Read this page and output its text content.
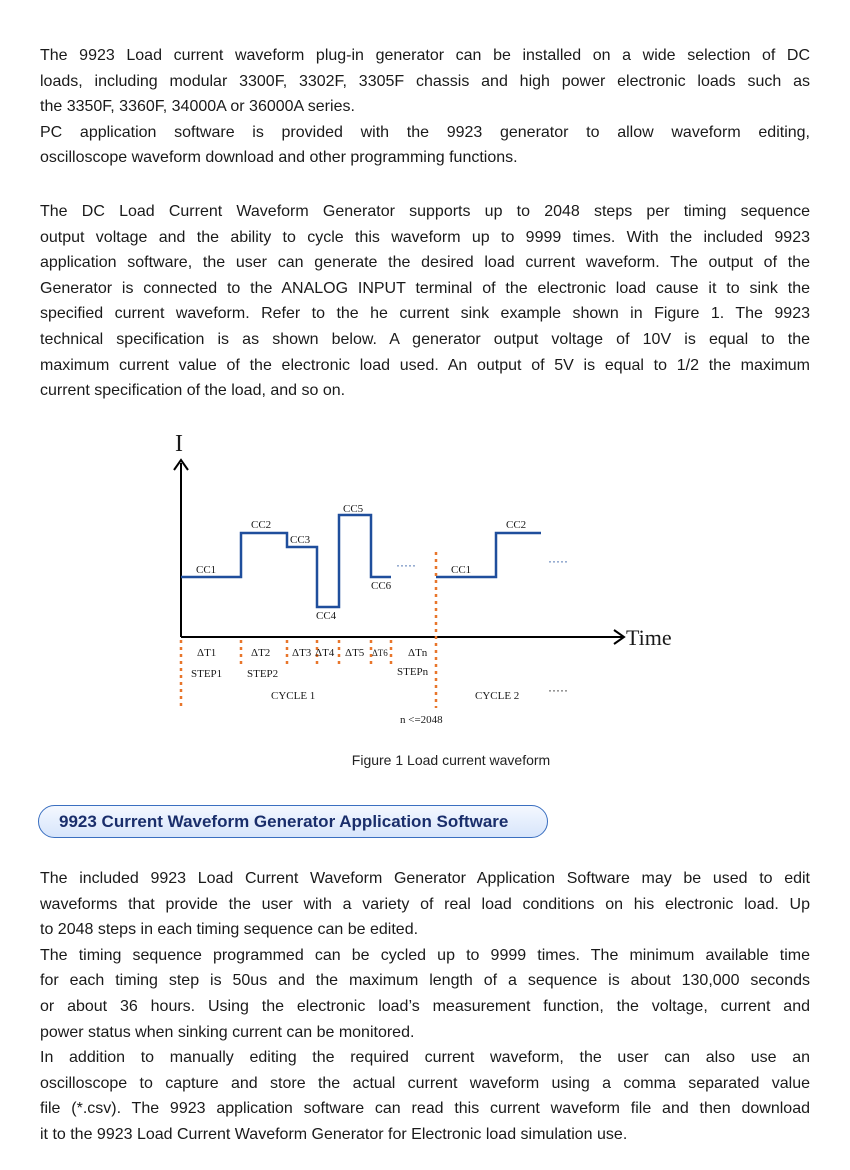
The 9923 Load current waveform plug-in generator can be installed on a wide selection of DC
loads, including modular 3300F, 3302F, 3305F chassis and high power electronic loads such as
the 3350F, 3360F, 34000A or 36000A series.
PC application software is provided with the 9923 generator to allow waveform editing,
oscilloscope waveform download and other programming functions.

The DC Load Current Waveform Generator supports up to 2048 steps per timing sequence
output voltage and the ability to cycle this waveform up to 9999 times. With the included 9923
application software, the user can generate the desired load current waveform. The output of the
Generator is connected to the ANALOG INPUT terminal of the electronic load cause it to sink the
specified current waveform. Refer to the he current sink example shown in Figure 1. The 9923
technical specification is as shown below. A generator output voltage of 10V is equal to the
maximum current value of the electronic load used. An output of 5V is equal to 1/2 the maximum
current specification of the load, and so on.

I
Time
CC1
CC2
CC3
CC4
CC5
CC6
CC1
CC2
·····	·····
·····
ΔT1	ΔT2 ΔT3 ΔT4 ΔT5 ΔT6 ΔTn
STEP1 STEP2	STEPn
CYCLE 1	CYCLE 2
n <=2048
Figure 1 Load current waveform
9923 Current Waveform Generator Application Software

The included 9923 Load Current Waveform Generator Application Software may be used to edit
waveforms that provide the user with a variety of real load conditions on his electronic load. Up
to 2048 steps in each timing sequence can be edited.
The timing sequence programmed can be cycled up to 9999 times. The minimum available time
for each timing step is 50us and the maximum length of a sequence is about 130,000 seconds
or about 36 hours. Using the electronic load’s measurement function, the voltage, current and
power status when sinking current can be monitored.
In addition to manually editing the required current waveform, the user can also use an
oscilloscope to capture and store the actual current waveform using a comma separated value
file (*.csv). The 9923 application software can read this current waveform file and then download
it to the 9923 Load Current Waveform Generator for Electronic load simulation use.
